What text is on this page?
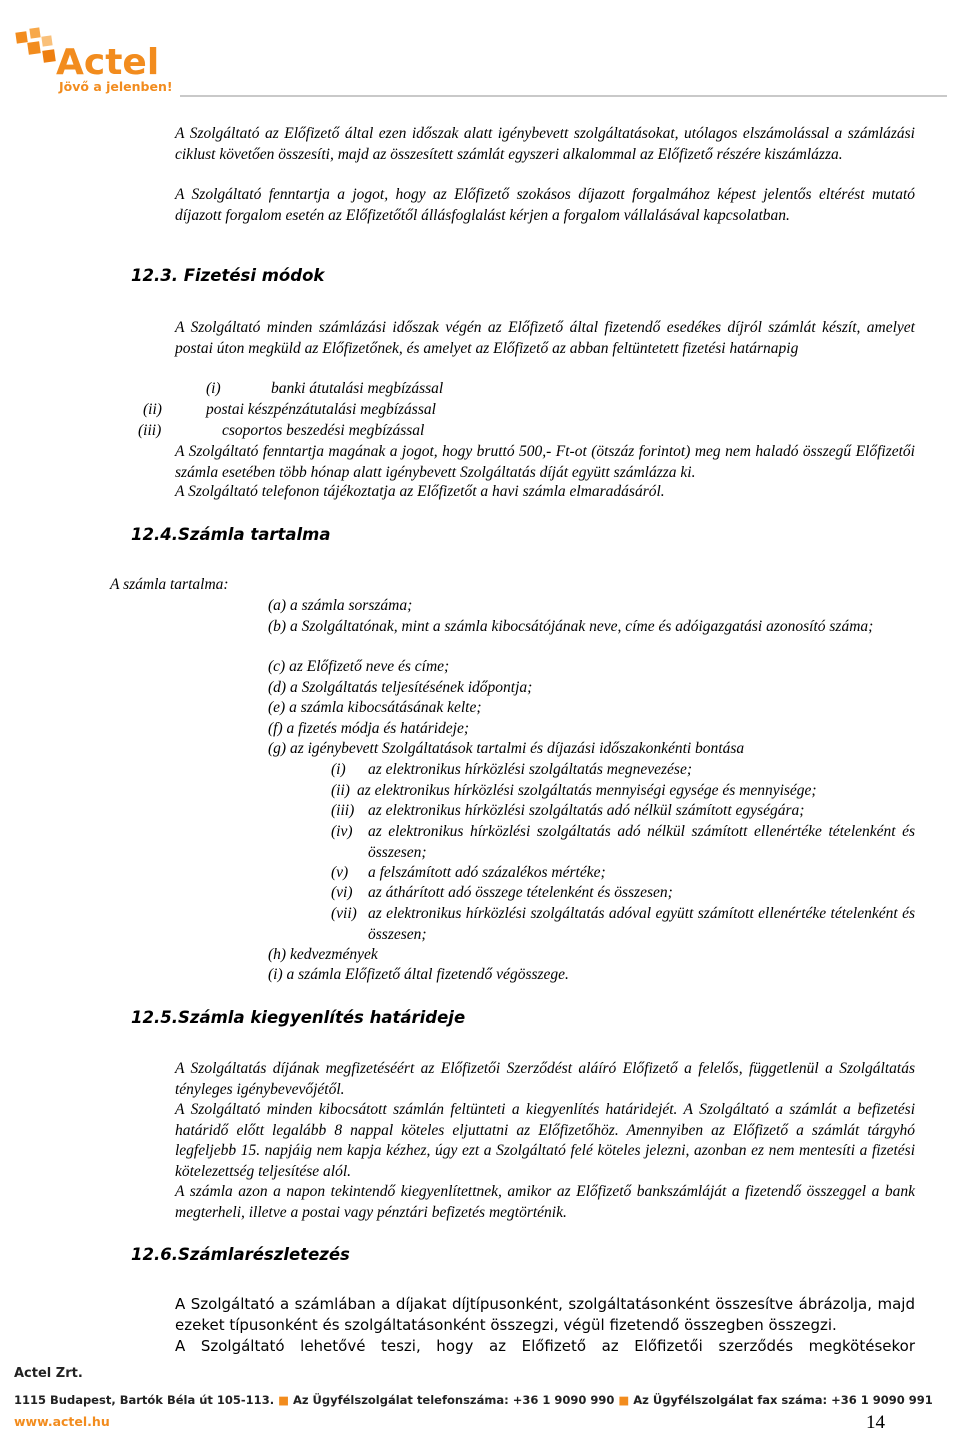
Actel
Jövő a jelenben!
A Szolgáltató az Előfizető által ezen időszak alatt igénybevett szolgáltatásokat, utólagos elszámolással a számlázási ciklust követően összesíti, majd az összesített számlát egyszeri alkalommal az Előfizető részére kiszámlázza.
A Szolgáltató fenntartja a jogot, hogy az Előfizető szokásos díjazott forgalmához képest jelentős eltérést mutató díjazott forgalom esetén az Előfizetőtől állásfoglalást kérjen a forgalom vállalásával kapcsolatban.
12.3. Fizetési módok
A Szolgáltató minden számlázási időszak végén az Előfizető által fizetendő esedékes díjról számlát készít, amelyet postai úton megküld az Előfizetőnek, és amelyet az Előfizető az abban feltüntetett fizetési határnapig
(i)	banki átutalási megbízással
(ii)	postai készpénzátutalási megbízással
(iii)	csoportos beszedési megbízással
A Szolgáltató fenntartja magának a jogot, hogy bruttó 500,- Ft-ot (ötszáz forintot) meg nem haladó összegű Előfizetői számla esetében több hónap alatt igénybevett Szolgáltatás díját együtt számlázza ki.
A Szolgáltató telefonon tájékoztatja az Előfizetőt a havi számla elmaradásáról.
12.4.Számla tartalma
A számla tartalma:
(a) a számla sorszáma;
(b) a Szolgáltatónak, mint a számla kibocsátójának neve, címe és adóigazgatási azonosító száma;
(c) az Előfizető neve és címe;
(d) a Szolgáltatás teljesítésének időpontja;
(e) a számla kibocsátásának kelte;
(f) a fizetés módja és határideje;
(g) az igénybevett Szolgáltatások tartalmi és díjazási időszakonkénti bontása
(i) az elektronikus hírközlési szolgáltatás megnevezése;
(ii) az elektronikus hírközlési szolgáltatás mennyiségi egysége és mennyisége;
(iii) az elektronikus hírközlési szolgáltatás adó nélkül számított egységára;
(iv) az elektronikus hírközlési szolgáltatás adó nélkül számított ellenértéke tételenként és összesen;
(v) a felszámított adó százalékos mértéke;
(vi) az áthárított adó összege tételenként és összesen;
(vii) az elektronikus hírközlési szolgáltatás adóval együtt számított ellenértéke tételenként és összesen;
(h) kedvezmények
(i) a számla Előfizető által fizetendő végösszege.
12.5.Számla kiegyenlítés határideje
A Szolgáltatás díjának megfizetéséért az Előfizetői Szerződést aláíró Előfizető a felelős, függetlenül a Szolgáltatás tényleges igénybevevőjétől.
A Szolgáltató minden kibocsátott számlán feltünteti a kiegyenlítés határidejét. A Szolgáltató a számlát a befizetési határidő előtt legalább 8 nappal köteles eljuttatni az Előfizetőhöz. Amennyiben az Előfizető a számlát tárgyhó legfeljebb 15. napjáig nem kapja kézhez, úgy ezt a Szolgáltató felé köteles jelezni, azonban ez nem mentesíti a fizetési kötelezettség teljesítése alól.
A számla azon a napon tekintendő kiegyenlítettnek, amikor az Előfizető bankszámláját a fizetendő összeggel a bank megterheli, illetve a postai vagy pénztári befizetés megtörténik.
12.6.Számlarészletezés
A Szolgáltató a számlában a díjakat díjtípusonként, szolgáltatásonként összesítve ábrázolja, majd ezeket típusonként és szolgáltatásonként összegzi, végül fizetendő összegben összegzi.
A Szolgáltató lehetővé teszi, hogy az Előfizető az Előfizetői szerződés megkötésekor
Actel Zrt.
1115 Budapest, Bartók Béla út 105-113. ■ Az Ügyfélszolgálat telefonszáma: +36 1 9090 990 ■ Az Ügyfélszolgálat fax száma: +36 1 9090 991
www.actel.hu	14
